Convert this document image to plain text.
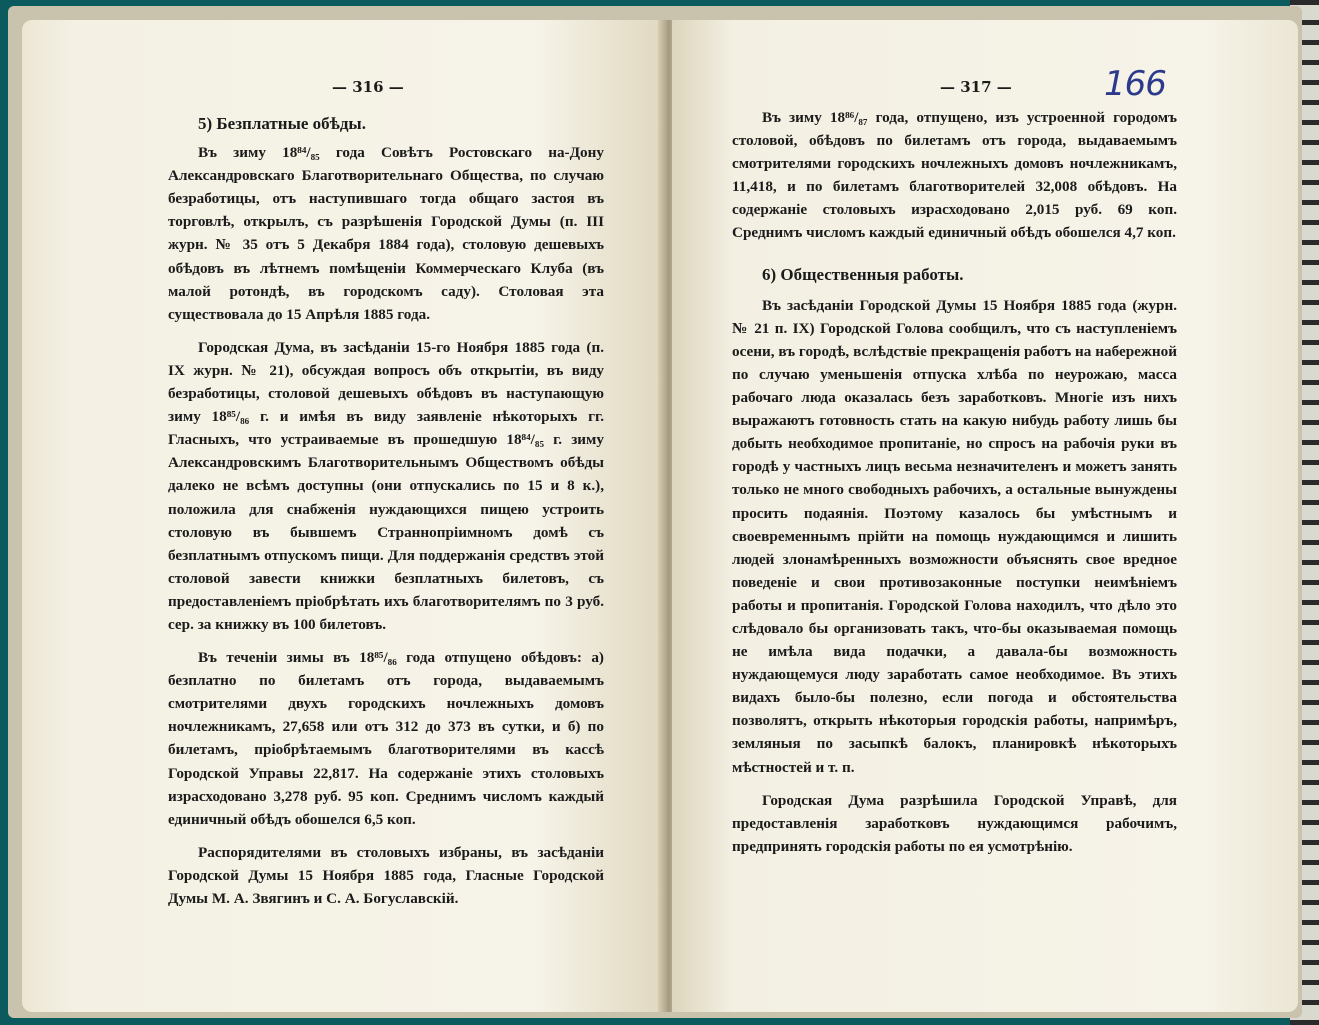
— 316 —
5) Безплатные обѣды.

Въ зиму 18⁸⁴/₈₅ года Совѣтъ Ростовскаго на-Дону Александровскаго Благотворительнаго Общества, по случаю безработицы, отъ наступившаго тогда общаго застоя въ торговлѣ, открылъ, съ разрѣшенія Городской Думы (п. III журн. № 35 отъ 5 Декабря 1884 года), столовую дешевыхъ обѣдовъ въ лѣтнемъ помѣщеніи Коммерческаго Клуба (въ малой ротондѣ, въ городскомъ саду). Столовая эта существовала до 15 Апрѣля 1885 года.

Городская Дума, въ засѣданіи 15-го Ноября 1885 года (п. IX журн. № 21), обсуждая вопросъ объ открытіи, въ виду безработицы, столовой дешевыхъ обѣдовъ въ наступающую зиму 18⁸⁵/₈₆ г. и имѣя въ виду заявленіе нѣкоторыхъ гг. Гласныхъ, что устраиваемые въ прошедшую 18⁸⁴/₈₅ г. зиму Александровскимъ Благотворительнымъ Обществомъ обѣды далеко не всѣмъ доступны (они отпускались по 15 и 8 к.), положила для снабженія нуждающихся пищею устроить столовую въ бывшемъ Страннопріимномъ домѣ съ безплатнымъ отпускомъ пищи. Для поддержанія средствъ этой столовой завести книжки безплатныхъ билетовъ, съ предоставленіемъ пріобрѣтать ихъ благотворителямъ по 3 руб. сер. за книжку въ 100 билетовъ.

Въ теченіи зимы въ 18⁸⁵/₈₆ года отпущено обѣдовъ: а) безплатно по билетамъ отъ города, выдаваемымъ смотрителями двухъ городскихъ ночлежныхъ домовъ ночлежникамъ, 27,658 или отъ 312 до 373 въ сутки, и б) по билетамъ, пріобрѣтаемымъ благотворителями въ кассѣ Городской Управы 22,817. На содержаніе этихъ столовыхъ израсходовано 3,278 руб. 95 коп. Среднимъ числомъ каждый единичный обѣдъ обошелся 6,5 коп.

Распорядителями въ столовыхъ избраны, въ засѣданіи Городской Думы 15 Ноября 1885 года, Гласные Городской Думы М. А. Звягинъ и С. А. Богуславскій.

— 317 —	166

Въ зиму 18⁸⁶/₈₇ года, отпущено, изъ устроенной городомъ столовой, обѣдовъ по билетамъ отъ города, выдаваемымъ смотрителями городскихъ ночлежныхъ домовъ ночлежникамъ, 11,418, и по билетамъ благотворителей 32,008 обѣдовъ. На содержаніе столовыхъ израсходовано 2,015 руб. 69 коп. Среднимъ числомъ каждый единичный обѣдъ обошелся 4,7 коп.

6) Общественныя работы.

Въ засѣданіи Городской Думы 15 Ноября 1885 года (журн. № 21 п. IX) Городской Голова сообщилъ, что съ наступленіемъ осени, въ городѣ, вслѣдствіе прекращенія работъ на набережной по случаю уменьшенія отпуска хлѣба по неурожаю, масса рабочаго люда оказалась безъ заработковъ. Многіе изъ нихъ выражаютъ готовность стать на какую нибудь работу лишь бы добыть необходимое пропитаніе, но спросъ на рабочія руки въ городѣ у частныхъ лицъ весьма незначителенъ и можетъ занять только не много свободныхъ рабочихъ, а остальные вынуждены просить подаянія. Поэтому казалось бы умѣстнымъ и своевременнымъ прійти на помощь нуждающимся и лишить людей злонамѣренныхъ возможности объяснять свое вредное поведеніе и свои противозаконные поступки неимѣніемъ работы и пропитанія. Городской Голова находилъ, что дѣло это слѣдовало бы организовать такъ, что-бы оказываемая помощь не имѣла вида подачки, а давала-бы возможность нуждающемуся люду заработать самое необходимое. Въ этихъ видахъ было-бы полезно, если погода и обстоятельства позволятъ, открыть нѣкоторыя городскія работы, напримѣръ, земляныя по засыпкѣ балокъ, планировкѣ нѣкоторыхъ мѣстностей и т. п.

Городская Дума разрѣшила Городской Управѣ, для предоставленія заработковъ нуждающимся рабочимъ, предпринять городскія работы по ея усмотрѣнію.
